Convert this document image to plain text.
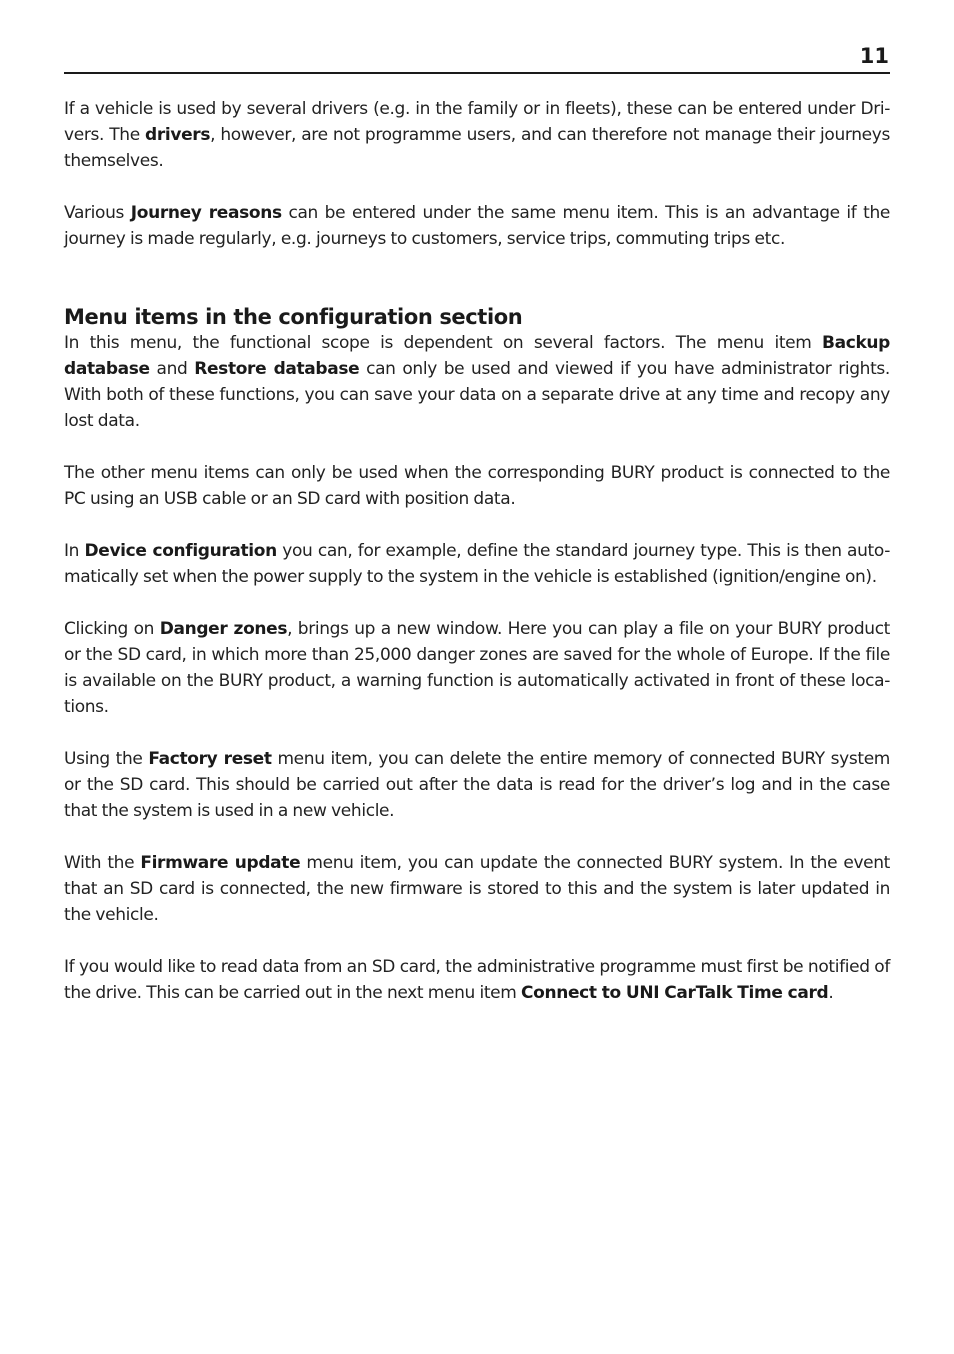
11

If a vehicle is used by several drivers (e.g. in the family or in fleets), these can be entered under Dri-vers. The drivers, however, are not programme users, and can therefore not manage their journeys themselves.

Various Journey reasons can be entered under the same menu item. This is an advantage if the journey is made regularly, e.g. journeys to customers, service trips, commuting trips etc.

Menu items in the configuration section

In this menu, the functional scope is dependent on several factors. The menu item Backup database and Restore database can only be used and viewed if you have administrator rights. With both of these functions, you can save your data on a separate drive at any time and recopy any lost data.

The other menu items can only be used when the corresponding BURY product is connected to the PC using an USB cable or an SD card with position data.

In Device configuration you can, for example, define the standard journey type. This is then auto-matically set when the power supply to the system in the vehicle is established (ignition/engine on).

Clicking on Danger zones, brings up a new window. Here you can play a file on your BURY product or the SD card, in which more than 25,000 danger zones are saved for the whole of Europe. If the file is available on the BURY product, a warning function is automatically activated in front of these loca-tions.

Using the Factory reset menu item, you can delete the entire memory of connected BURY system or the SD card. This should be carried out after the data is read for the driver’s log and in the case that the system is used in a new vehicle.

With the Firmware update menu item, you can update the connected BURY system. In the event that an SD card is connected, the new firmware is stored to this and the system is later updated in the vehicle.

If you would like to read data from an SD card, the administrative programme must first be notified of the drive. This can be carried out in the next menu item Connect to UNI CarTalk Time card.
